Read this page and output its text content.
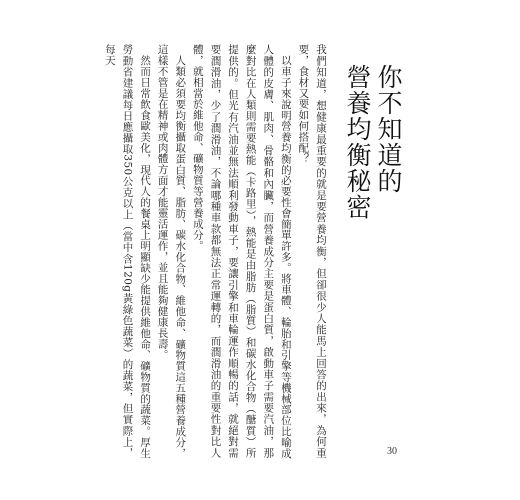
你不知道的
營養均衡秘密

我們知道，想健康最重要的就是要營養均衡，但卻很少人能馬上回答的出來，為何重要，食材又要如何搭配？

以車子來說明營養均衡的必要性會簡單許多。將車體、輪胎和引擎等機械部位比喻成人體的皮膚、肌肉、骨骼和內臟，而營養成分主要是蛋白質，啟動車子需要汽油，那麼對比在人類則需要熱能（卡路里），熱能是由脂肪（脂質）和碳水化合物（醣質）所提供的。但光有汽油並無法順利發動車子，要讓引擎和車輪運作順暢的話，就絕對需要潤滑油，少了潤滑油，不論哪種車款都無法正常運轉的，而潤滑油的重要性對比人體，就相當於維他命、礦物質等營養成分。

人類必須要均衡攝取蛋白質、脂肪、碳水化合物、維他命、礦物質這五種營養成分，這樣不管是在精神或肉體方面才能靈活運作，並且能夠健康長壽。

然而日常飲食歐美化，現代人的餐桌上明顯缺少能提供維他命、礦物質的蔬菜。厚生勞動省建議每日應攝取350公克以上（當中含120g黃綠色蔬菜）的蔬菜，但實際上，每天

30
